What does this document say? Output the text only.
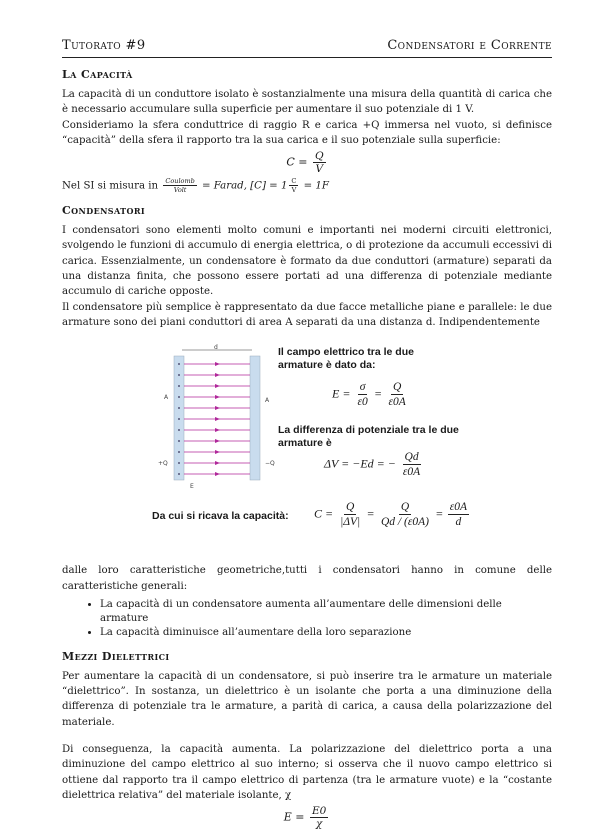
Tutorato #9	Condensatori e Corrente
La Capacità

La capacità di un conduttore isolato è sostanzialmente una misura della quantità di carica che è necessario accumulare sulla superficie per aumentare il suo potenziale di 1 V.

Consideriamo la sfera conduttrice di raggio R e carica +Q immersa nel vuoto, si definisce “capacità” della sfera il rapporto tra la sua carica e il suo potenziale sulla superficie:

$C = \frac{Q}{V}$

Nel SI si misura in $\frac{\text{Coulomb}}{\text{Volt}}$ = Farad, $[C] = 1 \frac{C}{V} = 1F$

Condensatori

I condensatori sono elementi molto comuni e importanti nei moderni circuiti elettronici, svolgendo le funzioni di accumulo di energia elettrica, o di protezione da accumuli eccessivi di carica. Essenzialmente, un condensatore è formato da due conduttori (armature) separati da una distanza finita, che possono essere portati ad una differenza di potenziale mediante accumulo di cariche opposte.

Il condensatore più semplice è rappresentato da due facce metalliche piane e parallele: le due armature sono dei piani conduttori di area A separati da una distanza d. Indipendentemente

d
A	A
+Q	−Q
E
Il campo elettrico tra le due armature è dato da:
$E = \frac{\sigma}{\varepsilon 0} = \frac{Q}{\varepsilon 0A}$
La differenza di potenziale tra le due armature è
ΔV = −Ed = − $\frac{Qd}{\varepsilon 0A}$
Da cui si ricava la capacità: $C = \frac{Q}{|\Delta V|} = \frac{Q}{Qd / (\varepsilon 0A)} = \frac{\varepsilon 0A}{d}$

dalle loro caratteristiche geometriche,tutti i condensatori hanno in comune delle caratteristiche generali:

• La capacità di un condensatore aumenta all’aumentare delle dimensioni delle armature
• La capacità diminuisce all’aumentare della loro separazione
Mezzi Dielettrici

Per aumentare la capacità di un condensatore, si può inserire tra le armature un materiale “dielettrico”. In sostanza, un dielettrico è un isolante che porta a una diminuzione della differenza di potenziale tra le armature, a parità di carica, a causa della polarizzazione del materiale.

Di conseguenza, la capacità aumenta. La polarizzazione del dielettrico porta a una diminuzione del campo elettrico al suo interno; si osserva che il nuovo campo elettrico si ottiene dal rapporto tra il campo elettrico di partenza (tra le armature vuote) e la “costante dielettrica relativa” del materiale isolante, χ

$E = \frac{E0}{\chi}$
